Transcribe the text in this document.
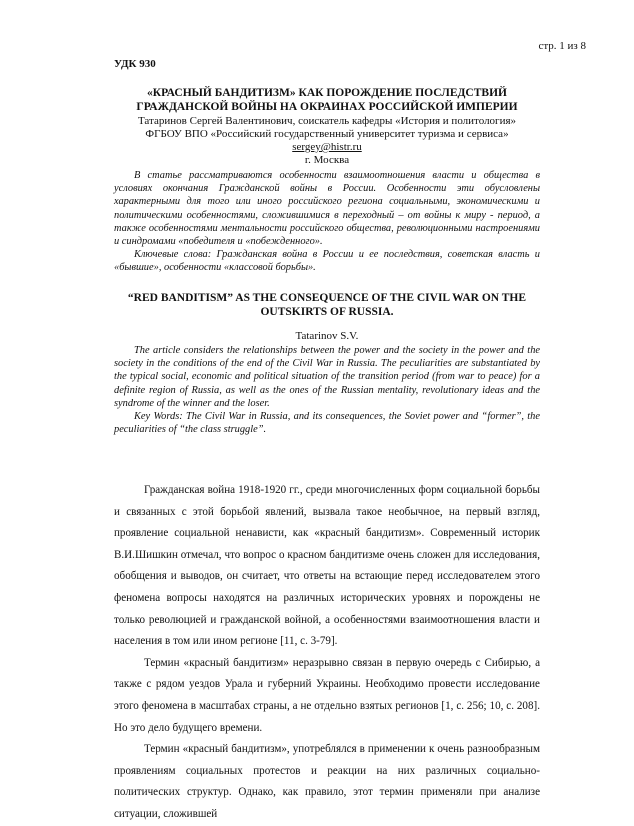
стр. 1 из 8
УДК 930
«КРАСНЫЙ БАНДИТИЗМ» КАК ПОРОЖДЕНИЕ ПОСЛЕДСТВИЙ
ГРАЖДАНСКОЙ ВОЙНЫ НА ОКРАИНАХ РОССИЙСКОЙ ИМПЕРИИ
Татаринов Сергей Валентинович, соискатель кафедры «История и политология»
ФГБОУ ВПО «Российский государственный университет туризма и сервиса»
sergey@histr.ru
г. Москва

В статье рассматриваются особенности взаимоотношения власти и общества в условиях окончания Гражданской войны в России. Особенности эти обусловлены характерными для того или иного российского региона социальными, экономическими и политическими особенностями, сложившимися в переходный – от войны к миру - период, а также особенностями ментальности российского общества, революционными настроениями и синдромами «победителя и «побежденного».

Ключевые слова: Гражданская война в России и ее последствия, советская власть и «бывшие», особенности «классовой борьбы».

“RED BANDITISM” AS THE CONSEQUENCE OF THE CIVIL WAR ON THE
OUTSKIRTS OF RUSSIA.
Tatarinov S.V.

The article considers the relationships between the power and the society in the power and the society in the conditions of the end of the Civil War in Russia. The peculiarities are substantiated by the typical social, economic and political situation of the transition period (from war to peace) for a definite region of Russia, as well as the ones of the Russian mentality, revolutionary ideas and the syndrome of the winner and the loser.

Key Words: The Civil War in Russia, and its consequences, the Soviet power and “former”, the peculiarities of “the class struggle”.

Гражданская война 1918-1920 гг., среди многочисленных форм социальной борьбы и связанных с этой борьбой явлений, вызвала такое необычное, на первый взгляд, проявление социальной ненависти, как «красный бандитизм». Современный историк В.И.Шишкин отмечал, что вопрос о красном бандитизме очень сложен для исследования, обобщения и выводов, он считает, что ответы на встающие перед исследователем этого феномена вопросы находятся на различных исторических уровнях и порождены не только революцией и гражданской войной, а особенностями взаимоотношения власти и населения в том или ином регионе [11, с. 3-79].

Термин «красный бандитизм» неразрывно связан в первую очередь с Сибирью, а также с рядом уездов Урала и губерний Украины. Необходимо провести исследование этого феномена в масштабах страны, а не отдельно взятых регионов [1, с. 256; 10, с. 208]. Но это дело будущего времени.

Термин «красный бандитизм», употреблялся в применении к очень разнообразным проявлениям социальных протестов и реакции на них различных социально-политических структур. Однако, как правило, этот термин применяли при анализе ситуации, сложившей
